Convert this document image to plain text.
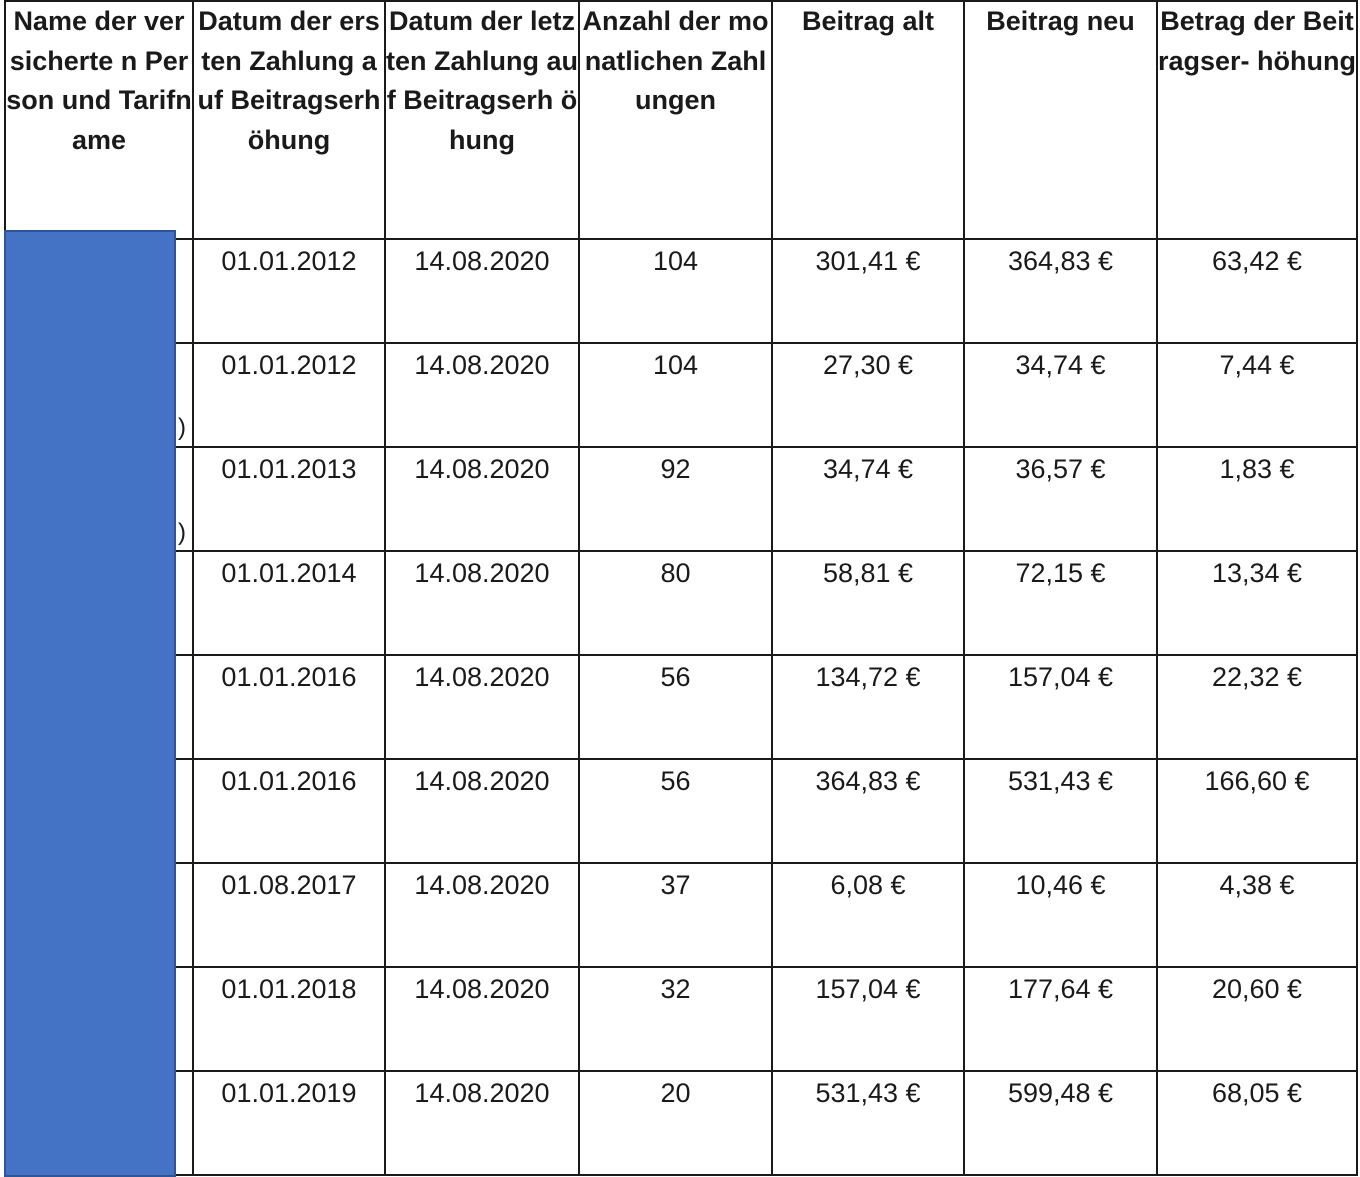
Name der versicherte n Person und Tarifname	Datum der ersten Zahlung auf Beitragserh öhung	Datum der letzten Zahlung auf Beitragserh öhung	Anzahl der monatlichen Zahlungen	Beitrag alt	Beitrag neu	Betrag der Beitragser- höhung
	01.01.2012	14.08.2020	104	301,41 €	364,83 €	63,42 €
	01.01.2012	14.08.2020	104	27,30 €	34,74 €	7,44 €
	01.01.2013	14.08.2020	92	34,74 €	36,57 €	1,83 €
	01.01.2014	14.08.2020	80	58,81 €	72,15 €	13,34 €
	01.01.2016	14.08.2020	56	134,72 €	157,04 €	22,32 €
	01.01.2016	14.08.2020	56	364,83 €	531,43 €	166,60 €
	01.08.2017	14.08.2020	37	6,08 €	10,46 €	4,38 €
	01.01.2018	14.08.2020	32	157,04 €	177,64 €	20,60 €
	01.01.2019	14.08.2020	20	531,43 €	599,48 €	68,05 €
)
)
